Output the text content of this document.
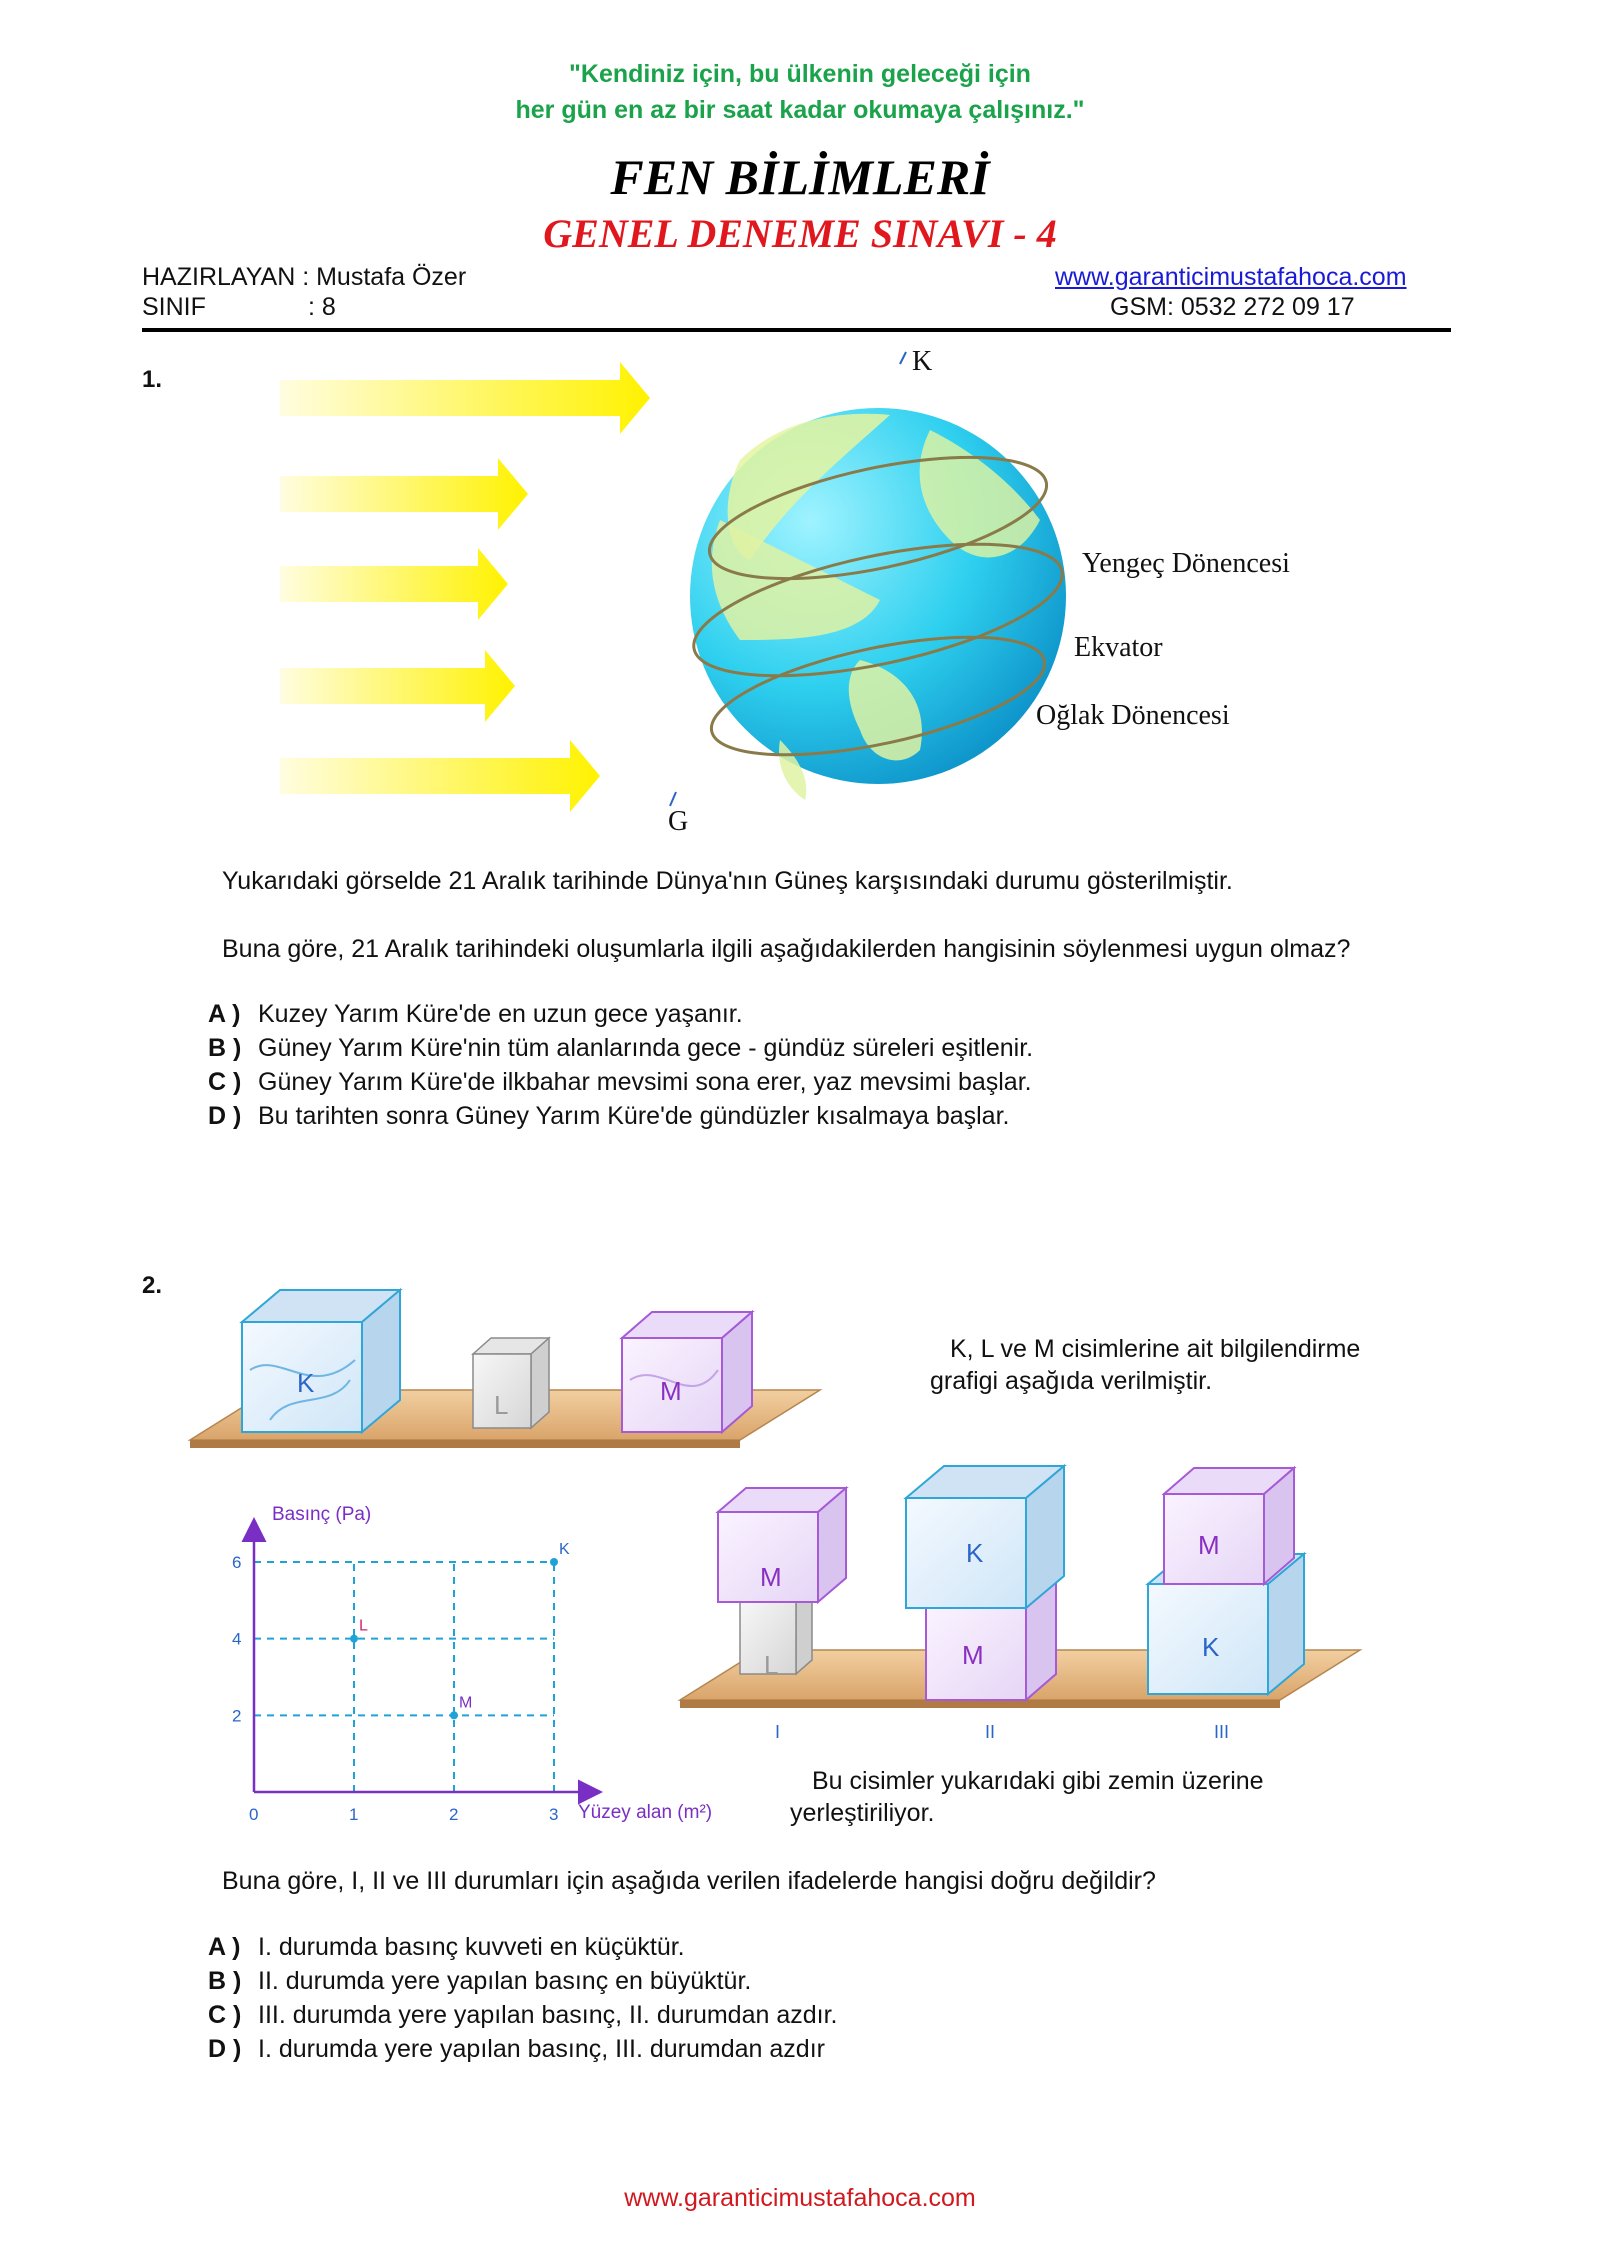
"Kendiniz için, bu ülkenin geleceği için
her gün en az bir saat kadar okumaya çalışınız."
FEN BİLİMLERİ
GENEL DENEME SINAVI - 4
HAZIRLAYAN : Mustafa Özer	www.garanticimustafahoca.com
SINIF	: 8	GSM: 0532 272 09 17
1.
K
Yengeç Dönencesi
Ekvator
Oğlak Dönencesi
G
Yukarıdaki görselde 21 Aralık tarihinde Dünya'nın Güneş karşısındaki durumu gösterilmiştir.
Buna göre, 21 Aralık tarihindeki oluşumlarla ilgili aşağıdakilerden hangisinin söylenmesi uygun olmaz?
A ) Kuzey Yarım Küre'de en uzun gece yaşanır.
B ) Güney Yarım Küre'nin tüm alanlarında gece - gündüz süreleri eşitlenir.
C ) Güney Yarım Küre'de ilkbahar mevsimi sona erer, yaz mevsimi başlar.
D ) Bu tarihten sonra Güney Yarım Küre'de gündüzler kısalmaya başlar.
2.
K
L	M
M
L
K
M
M
K
I	II	III
K, L ve M cisimlerine ait bilgilendirme
grafigi aşağıda verilmiştir.
Basınç (Pa)
Yüzey alan (m²)
0	1	2	3
2
4
6
L
M
K
Bu cisimler yukarıdaki gibi zemin üzerine
yerleştiriliyor.
Buna göre, I, II ve III durumları için aşağıda verilen ifadelerde hangisi doğru değildir?
A ) I. durumda basınç kuvveti en küçüktür.
B ) II. durumda yere yapılan basınç en büyüktür.
C ) III. durumda yere yapılan basınç, II. durumdan azdır.
D ) I. durumda yere yapılan basınç, III. durumdan azdır
www.garanticimustafahoca.com
